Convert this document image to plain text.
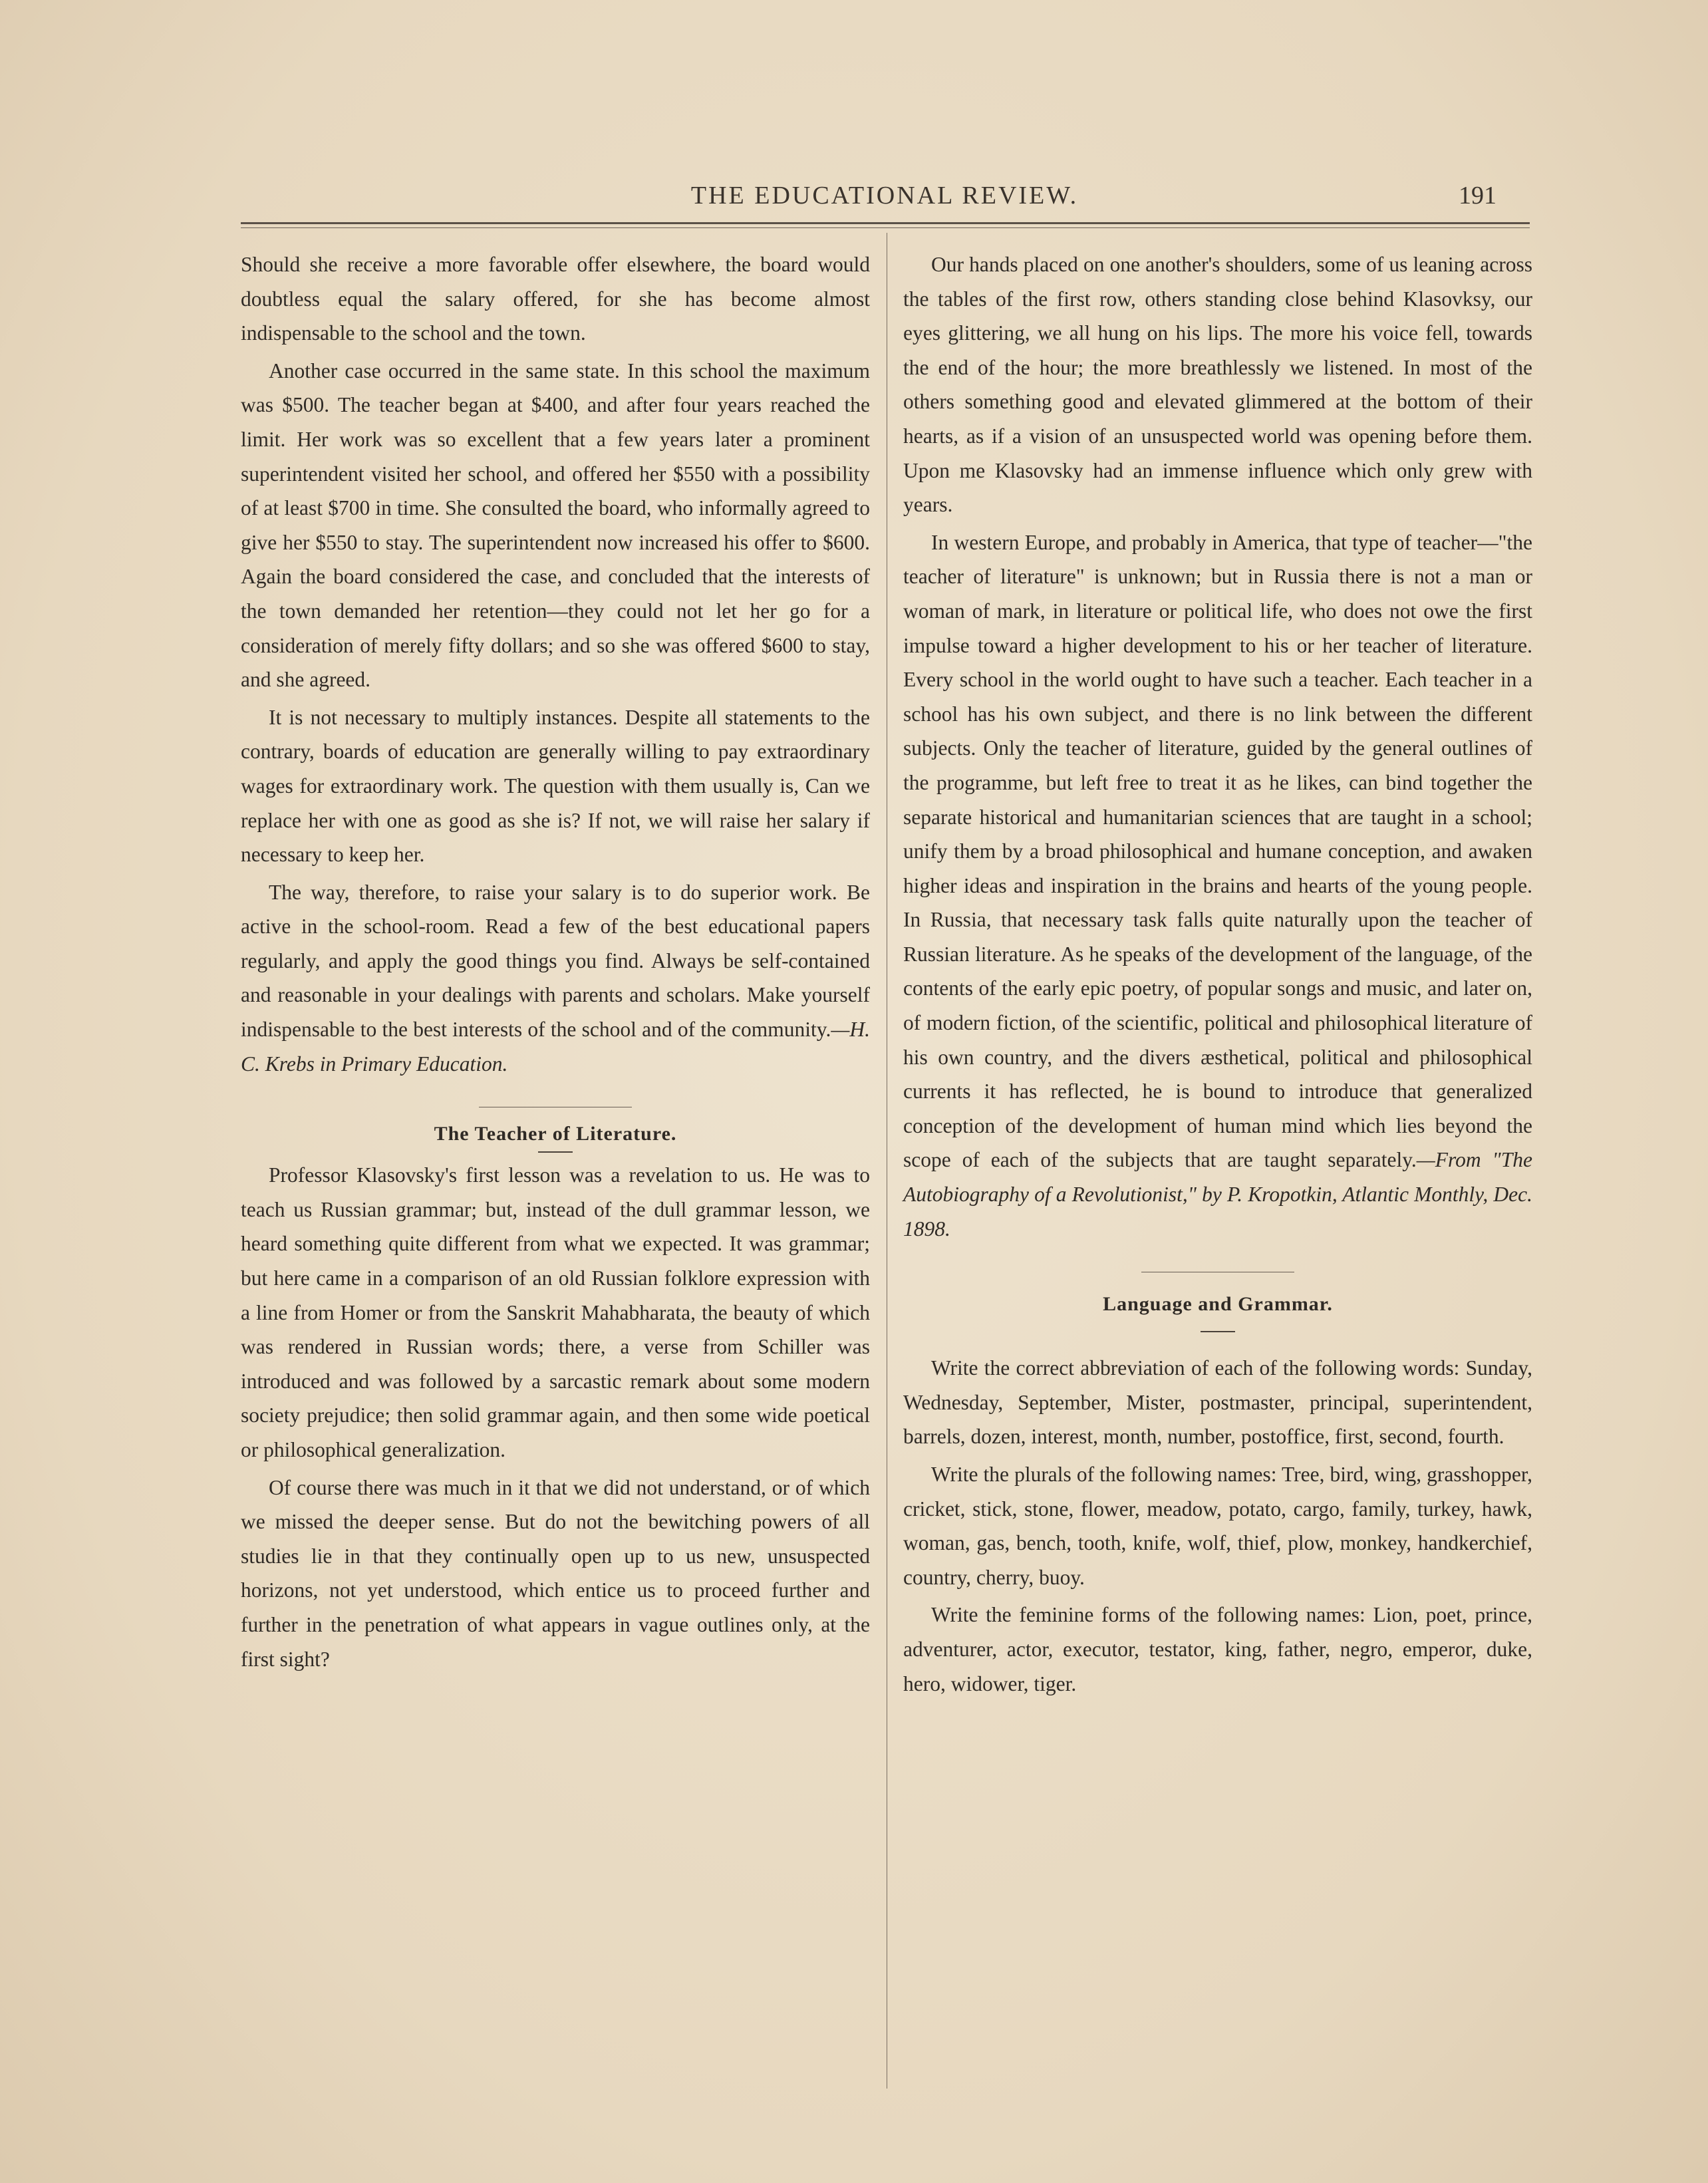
THE EDUCATIONAL REVIEW.	191

Should she receive a more favorable offer elsewhere, the board would doubtless equal the salary offered, for she has become almost indispensable to the school and the town.

Another case occurred in the same state. In this school the maximum was $500. The teacher began at $400, and after four years reached the limit. Her work was so excellent that a few years later a prominent superintendent visited her school, and offered her $550 with a possibility of at least $700 in time. She consulted the board, who informally agreed to give her $550 to stay. The superintendent now increased his offer to $600. Again the board considered the case, and concluded that the interests of the town demanded her retention—they could not let her go for a consideration of merely fifty dollars; and so she was offered $600 to stay, and she agreed.

It is not necessary to multiply instances. Despite all statements to the contrary, boards of education are generally willing to pay extraordinary wages for extraordinary work. The question with them usually is, Can we replace her with one as good as she is? If not, we will raise her salary if necessary to keep her.

The way, therefore, to raise your salary is to do superior work. Be active in the school-room. Read a few of the best educational papers regularly, and apply the good things you find. Always be self-contained and reasonable in your dealings with parents and scholars. Make yourself indispensable to the best interests of the school and of the community.—H. C. Krebs in Primary Education.

The Teacher of Literature.

Professor Klasovsky's first lesson was a revelation to us. He was to teach us Russian grammar; but, instead of the dull grammar lesson, we heard something quite different from what we expected. It was grammar; but here came in a comparison of an old Russian folklore expression with a line from Homer or from the Sanskrit Mahabharata, the beauty of which was rendered in Russian words; there, a verse from Schiller was introduced and was followed by a sarcastic remark about some modern society prejudice; then solid grammar again, and then some wide poetical or philosophical generalization.

Of course there was much in it that we did not understand, or of which we missed the deeper sense. But do not the bewitching powers of all studies lie in that they continually open up to us new, unsuspected horizons, not yet understood, which entice us to proceed further and further in the penetration of what appears in vague outlines only, at the first sight?

Our hands placed on one another's shoulders, some of us leaning across the tables of the first row, others standing close behind Klasovksy, our eyes glittering, we all hung on his lips. The more his voice fell, towards the end of the hour; the more breathlessly we listened. In most of the others something good and elevated glimmered at the bottom of their hearts, as if a vision of an unsuspected world was opening before them. Upon me Klasovsky had an immense influence which only grew with years.

In western Europe, and probably in America, that type of teacher—"the teacher of literature" is unknown; but in Russia there is not a man or woman of mark, in literature or political life, who does not owe the first impulse toward a higher development to his or her teacher of literature. Every school in the world ought to have such a teacher. Each teacher in a school has his own subject, and there is no link between the different subjects. Only the teacher of literature, guided by the general outlines of the programme, but left free to treat it as he likes, can bind together the separate historical and humanitarian sciences that are taught in a school; unify them by a broad philosophical and humane conception, and awaken higher ideas and inspiration in the brains and hearts of the young people. In Russia, that necessary task falls quite naturally upon the teacher of Russian literature. As he speaks of the development of the language, of the contents of the early epic poetry, of popular songs and music, and later on, of modern fiction, of the scientific, political and philosophical literature of his own country, and the divers æsthetical, political and philosophical currents it has reflected, he is bound to introduce that generalized conception of the development of human mind which lies beyond the scope of each of the subjects that are taught separately.—From "The Autobiography of a Revolutionist," by P. Kropotkin, Atlantic Monthly, Dec. 1898.

Language and Grammar.

Write the correct abbreviation of each of the following words: Sunday, Wednesday, September, Mister, postmaster, principal, superintendent, barrels, dozen, interest, month, number, postoffice, first, second, fourth.

Write the plurals of the following names: Tree, bird, wing, grasshopper, cricket, stick, stone, flower, meadow, potato, cargo, family, turkey, hawk, woman, gas, bench, tooth, knife, wolf, thief, plow, monkey, handkerchief, country, cherry, buoy.

Write the feminine forms of the following names: Lion, poet, prince, adventurer, actor, executor, testator, king, father, negro, emperor, duke, hero, widower, tiger.
